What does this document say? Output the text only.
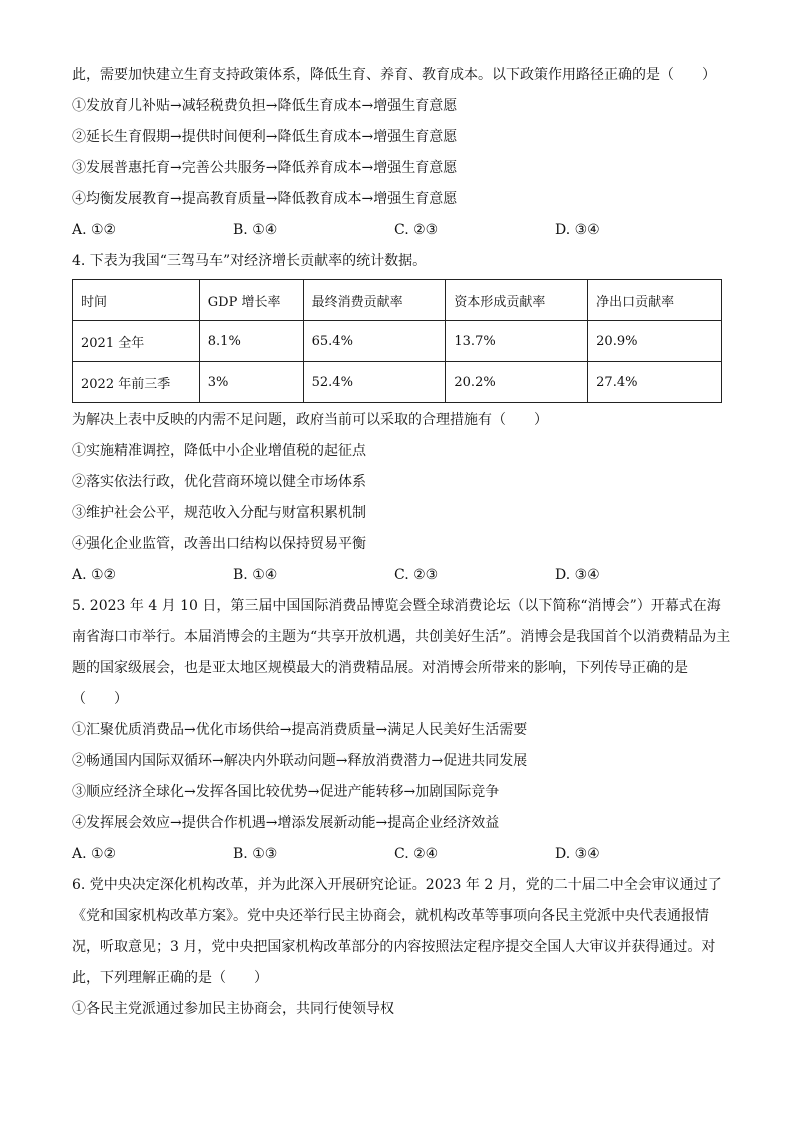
此，需要加快建立生育支持政策体系，降低生育、养育、教育成本。以下政策作用路径正确的是（　　）
①发放育儿补贴→减轻税费负担→降低生育成本→增强生育意愿
②延长生育假期→提供时间便利→降低生育成本→增强生育意愿
③发展普惠托育→完善公共服务→降低养育成本→增强生育意愿
④均衡发展教育→提高教育质量→降低教育成本→增强生育意愿
A. ①②	B. ①④	C. ②③	D. ③④
4. 下表为我国“三驾马车”对经济增长贡献率的统计数据。
时间	GDP 增长率	最终消费贡献率	资本形成贡献率	净出口贡献率
2021 全年	8.1%	65.4%	13.7%	20.9%
2022 年前三季	3%	52.4%	20.2%	27.4%
为解决上表中反映的内需不足问题，政府当前可以采取的合理措施有（　　）
①实施精准调控，降低中小企业增值税的起征点
②落实依法行政，优化营商环境以健全市场体系
③维护社会公平，规范收入分配与财富积累机制
④强化企业监管，改善出口结构以保持贸易平衡
A. ①②	B. ①④	C. ②③	D. ③④
5. 2023 年 4 月 10 日，第三届中国国际消费品博览会暨全球消费论坛（以下简称“消博会”）开幕式在海南省海口市举行。本届消博会的主题为“共享开放机遇，共创美好生活”。消博会是我国首个以消费精品为主题的国家级展会，也是亚太地区规模最大的消费精品展。对消博会所带来的影响，下列传导正确的是（　　）
①汇聚优质消费品→优化市场供给→提高消费质量→满足人民美好生活需要
②畅通国内国际双循环→解决内外联动问题→释放消费潜力→促进共同发展
③顺应经济全球化→发挥各国比较优势→促进产能转移→加剧国际竞争
④发挥展会效应→提供合作机遇→增添发展新动能→提高企业经济效益
A. ①②	B. ①③	C. ②④	D. ③④
6. 党中央决定深化机构改革，并为此深入开展研究论证。2023 年 2 月，党的二十届二中全会审议通过了《党和国家机构改革方案》。党中央还举行民主协商会，就机构改革等事项向各民主党派中央代表通报情况，听取意见；3 月，党中央把国家机构改革部分的内容按照法定程序提交全国人大审议并获得通过。对此，下列理解正确的是（　　）
①各民主党派通过参加民主协商会，共同行使领导权
